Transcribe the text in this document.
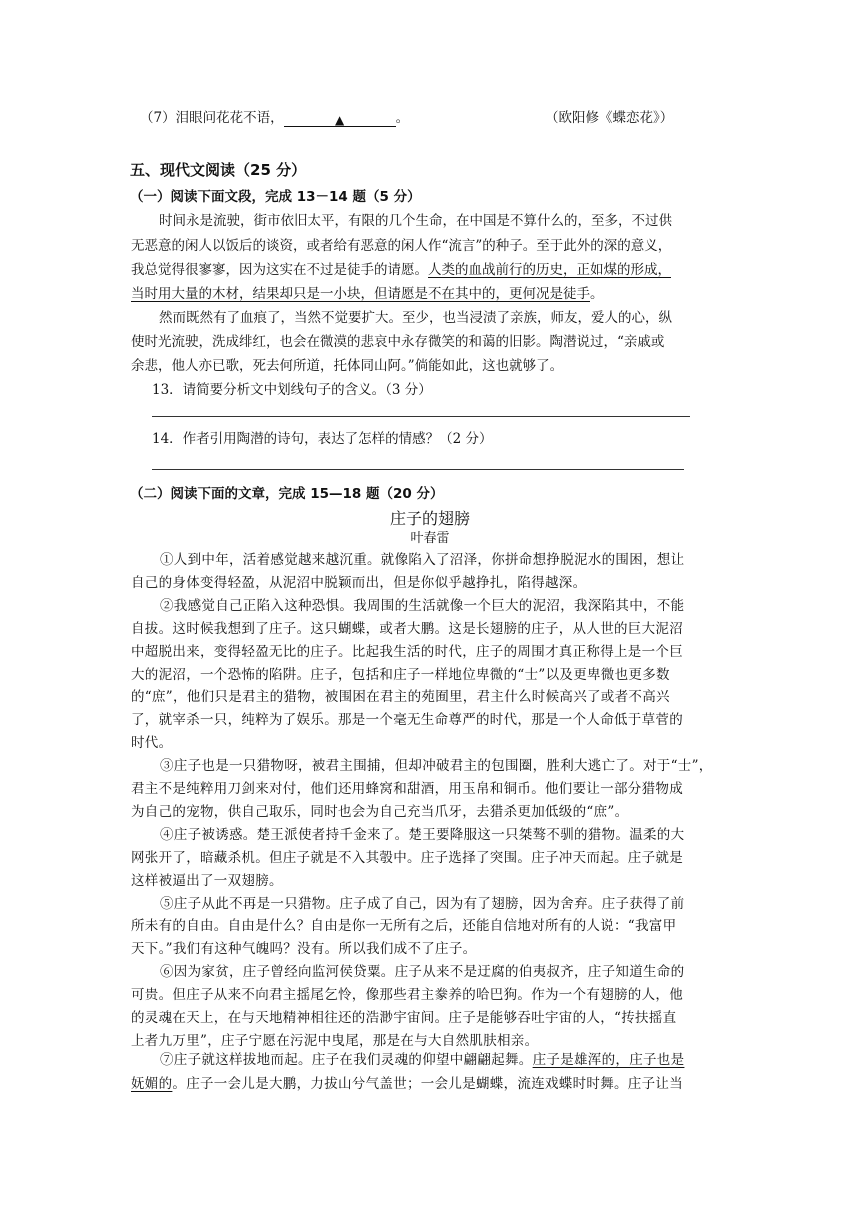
（7）泪眼问花花不语，	▲	。	（欧阳修《蝶恋花》）
五、现代文阅读（25 分）
（一）阅读下面文段，完成 13－14 题（5 分）
时间永是流驶，街市依旧太平，有限的几个生命，在中国是不算什么的，至多，不过供
无恶意的闲人以饭后的谈资，或者给有恶意的闲人作“流言”的种子。至于此外的深的意义，
我总觉得很寥寥，因为这实在不过是徒手的请愿。人类的血战前行的历史，正如煤的形成，
当时用大量的木材，结果却只是一小块，但请愿是不在其中的，更何况是徒手。
然而既然有了血痕了，当然不觉要扩大。至少，也当浸渍了亲族，师友，爱人的心，纵
使时光流驶，洗成绯红，也会在微漠的悲哀中永存微笑的和蔼的旧影。陶潜说过，“亲戚或
余悲，他人亦已歌，死去何所道，托体同山阿。”倘能如此，这也就够了。
13．请简要分析文中划线句子的含义。（3 分）
14．作者引用陶潜的诗句，表达了怎样的情感？（2 分）
（二）阅读下面的文章，完成 15—18 题（20 分）
庄子的翅膀
叶春雷
①人到中年，活着感觉越来越沉重。就像陷入了沼泽，你拼命想挣脱泥水的围困，想让
自己的身体变得轻盈，从泥沼中脱颖而出，但是你似乎越挣扎，陷得越深。
②我感觉自己正陷入这种恐惧。我周围的生活就像一个巨大的泥沼，我深陷其中，不能
自拔。这时候我想到了庄子。这只蝴蝶，或者大鹏。这是长翅膀的庄子，从人世的巨大泥沼
中超脱出来，变得轻盈无比的庄子。比起我生活的时代，庄子的周围才真正称得上是一个巨
大的泥沼，一个恐怖的陷阱。庄子，包括和庄子一样地位卑微的“士”以及更卑微也更多数
的“庶”，他们只是君主的猎物，被围困在君主的苑囿里，君主什么时候高兴了或者不高兴
了，就宰杀一只，纯粹为了娱乐。那是一个毫无生命尊严的时代，那是一个人命低于草菅的
时代。
③庄子也是一只猎物呀，被君主围捕，但却冲破君主的包围圈，胜利大逃亡了。对于“士”，
君主不是纯粹用刀剑来对付，他们还用蜂窝和甜酒，用玉帛和铜币。他们要让一部分猎物成
为自己的宠物，供自己取乐，同时也会为自己充当爪牙，去猎杀更加低级的“庶”。
④庄子被诱惑。楚王派使者持千金来了。楚王要降服这一只桀骜不驯的猎物。温柔的大
网张开了，暗藏杀机。但庄子就是不入其彀中。庄子选择了突围。庄子冲天而起。庄子就是
这样被逼出了一双翅膀。
⑤庄子从此不再是一只猎物。庄子成了自己，因为有了翅膀，因为舍弃。庄子获得了前
所未有的自由。自由是什么？自由是你一无所有之后，还能自信地对所有的人说：“我富甲
天下。”我们有这种气魄吗？没有。所以我们成不了庄子。
⑥因为家贫，庄子曾经向监河侯贷粟。庄子从来不是迂腐的伯夷叔齐，庄子知道生命的
可贵。但庄子从来不向君主摇尾乞怜，像那些君主豢养的哈巴狗。作为一个有翅膀的人，他
的灵魂在天上，在与天地精神相往还的浩渺宇宙间。庄子是能够吞吐宇宙的人，“抟扶摇直
上者九万里”，庄子宁愿在污泥中曳尾，那是在与大自然肌肤相亲。
⑦庄子就这样拔地而起。庄子在我们灵魂的仰望中翩翩起舞。庄子是雄浑的，庄子也是
妩媚的。庄子一会儿是大鹏，力拔山兮气盖世；一会儿是蝴蝶，流连戏蝶时时舞。庄子让当
